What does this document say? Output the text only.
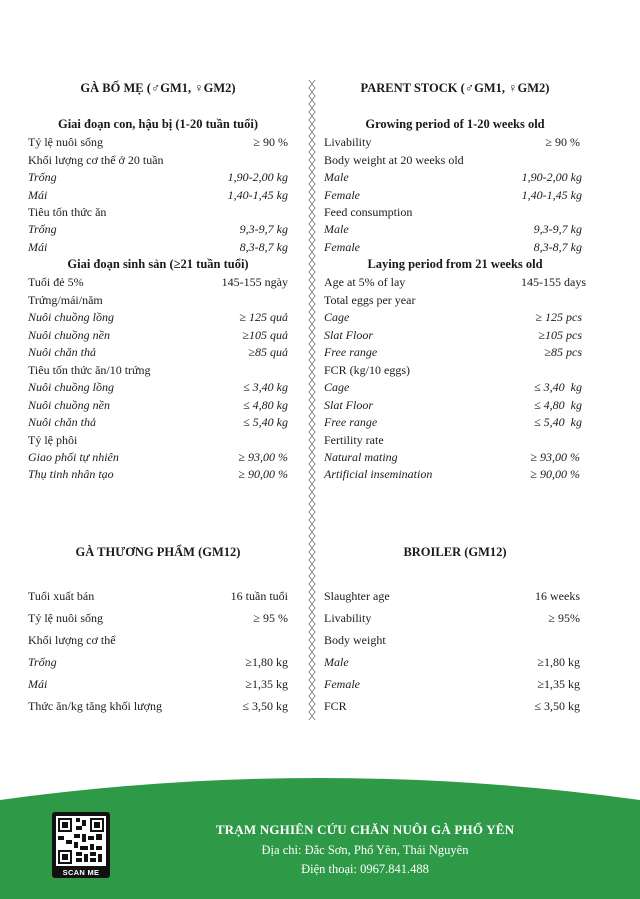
GÀ BỐ MẸ (♂GM1, ♀GM2)
Giai đoạn con, hậu bị (1-20 tuần tuổi)
Tỷ lệ nuôi sống	≥ 90 %
Khối lượng cơ thể ở 20 tuần
Trống	1,90-2,00 kg
Mái	1,40-1,45 kg
Tiêu tốn thức ăn
Trống	9,3-9,7 kg
Mái	8,3-8,7 kg
Giai đoạn sinh sản (≥21 tuần tuổi)
Tuổi đẻ 5%	145-155 ngày
Trứng/mái/năm
Nuôi chuồng lồng	≥ 125 quả
Nuôi chuồng nền	≥105 quả
Nuôi chăn thả	≥85 quả
Tiêu tốn thức ăn/10 trứng
Nuôi chuồng lồng	≤ 3,40 kg
Nuôi chuồng nền	≤ 4,80 kg
Nuôi chăn thả	≤ 5,40 kg
Tỷ lệ phôi
Giao phối tự nhiên	≥ 93,00 %
Thụ tinh nhân tạo	≥ 90,00 %
GÀ THƯƠNG PHẨM (GM12)
Tuổi xuất bán	16 tuần tuổi
Tỷ lệ nuôi sống	≥ 95 %
Khối lượng cơ thể
Trống	≥1,80 kg
Mái	≥1,35 kg
Thức ăn/kg tăng khối lượng	≤ 3,50 kg
PARENT STOCK (♂GM1, ♀GM2)
Growing period of 1-20 weeks old
Livability	≥ 90 %
Body weight at 20 weeks old
Male	1,90-2,00 kg
Female	1,40-1,45 kg
Feed consumption
Male	9,3-9,7 kg
Female	8,3-8,7 kg
Laying period from 21 weeks old
Age at 5% of lay	145-155 days
Total eggs per year
Cage	≥ 125 pcs
Slat Floor	≥105 pcs
Free range	≥85 pcs
FCR (kg/10 eggs)
Cage	≤ 3,40  kg
Slat Floor	≤ 4,80  kg
Free range	≤ 5,40  kg
Fertility rate
Natural mating	≥ 93,00 %
Artificial insemination	≥ 90,00 %
BROILER (GM12)
Slaughter age	16 weeks
Livability	≥ 95%
Body weight
Male	≥1,80 kg
Female	≥1,35 kg
FCR	≤ 3,50 kg
SCAN ME
TRẠM NGHIÊN CỨU CHĂN NUÔI GÀ PHỔ YÊN
Địa chỉ: Đắc Sơn, Phổ Yên, Thái Nguyên
Điện thoại: 0967.841.488
